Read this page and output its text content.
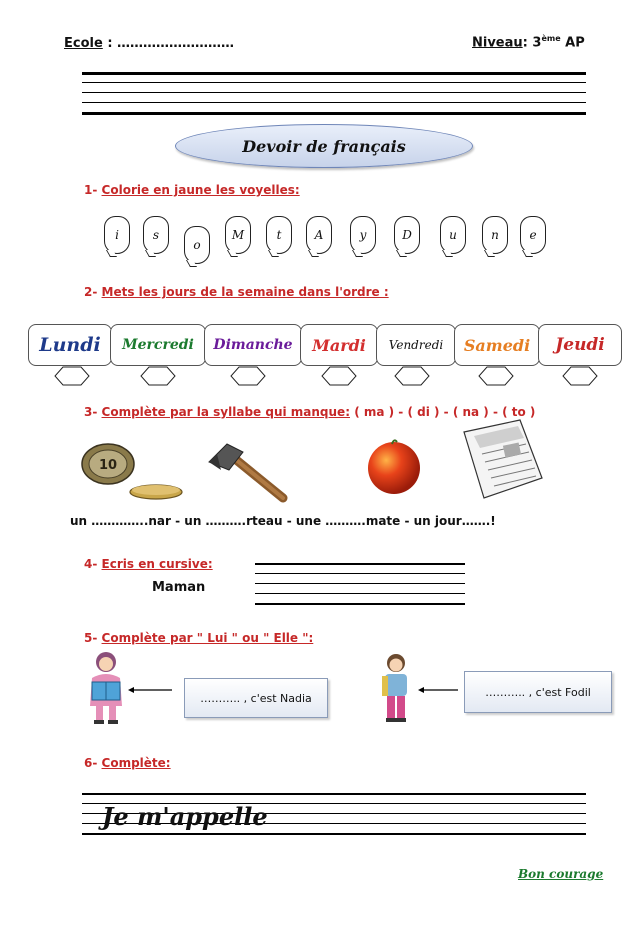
Ecole : ………………………	Niveau: 3ème AP
Devoir de français
1- Colorie en jaune les voyelles:
i	s
o
M	t	A	y	D	u	n	e
2- Mets les jours de la semaine dans l'ordre :
Lundi	Mercredi	Dimanche	Mardi	Vendredi	Samedi	Jeudi
3- Complète par la syllabe qui manque: ( ma ) - ( di ) - ( na ) - ( to )
10
un …………..nar - un ……….rteau - une ……….mate - un jour…….!
4- Ecris en cursive:
Maman
5- Complète par " Lui " ou " Elle ":
……….. , c'est Nadia	……….. , c'est Fodil
6- Complète:
Je m'appelle
Bon courage
